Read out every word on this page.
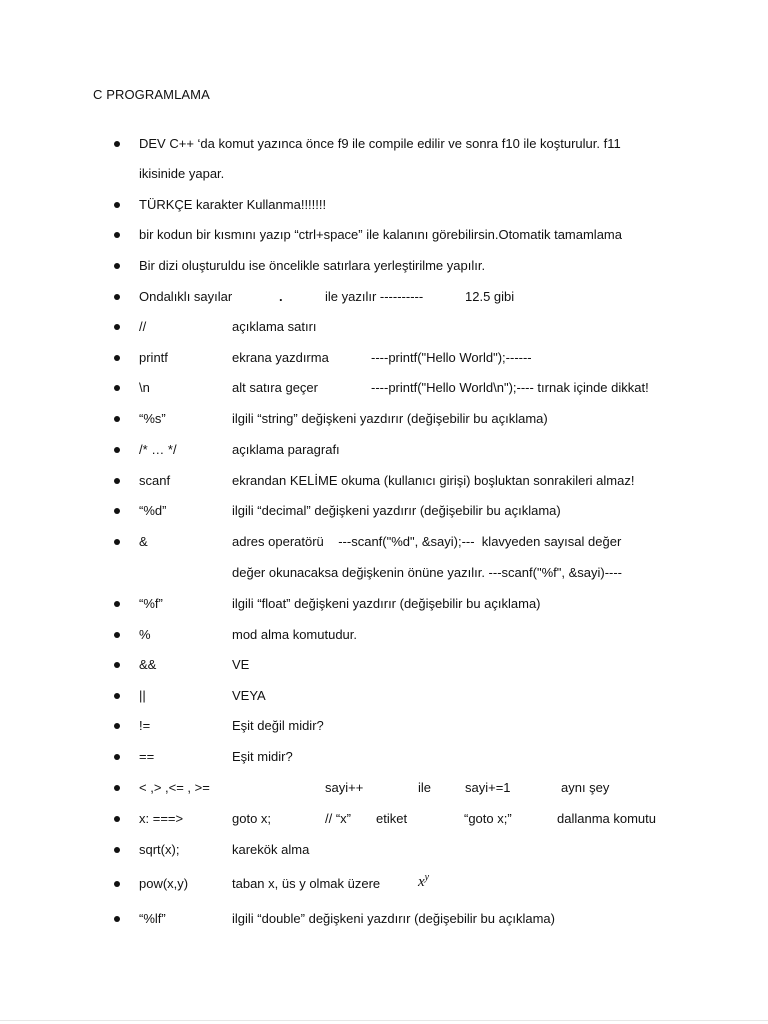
C PROGRAMLAMA
DEV C++ ‘da komut yazınca önce f9 ile compile edilir ve sonra f10 ile koşturulur. f11
ikisinide yapar.
TÜRKÇE karakter Kullanma!!!!!!!
bir kodun bir kısmını yazıp “ctrl+space” ile kalanını görebilirsin.Otomatik tamamlama
Bir dizi oluşturuldu ise öncelikle satırlara yerleştirilme yapılır.
Ondalıklı sayılar	.	ile yazılır ----------	12.5 gibi
//	açıklama satırı
printf	ekrana yazdırma	----printf("Hello World");------
\n	alt satıra geçer	----printf("Hello World\n");---- tırnak içinde dikkat!
“%s”	ilgili “string” değişkeni yazdırır (değişebilir bu açıklama)
/* … */	açıklama paragrafı
scanf	ekrandan KELİME okuma (kullanıcı girişi) boşluktan sonrakileri almaz!
“%d”	ilgili “decimal” değişkeni yazdırır (değişebilir bu açıklama)
&	adres operatörü    ---scanf("%d", &sayi);---  klavyeden sayısal değer
değer okunacaksa değişkenin önüne yazılır. ---scanf("%f", &sayi)----
“%f”	ilgili “float” değişkeni yazdırır (değişebilir bu açıklama)
%	mod alma komutudur.
&&	VE
||	VEYA
!=	Eşit değil midir?
==	Eşit midir?
< ,> ,<= , >=	sayi++	ile	sayi+=1	aynı şey
x: ===>	goto x;	// “x” etiket	“goto x;”	dallanma komutu
sqrt(x);	karekök alma
pow(x,y)	taban x, üs y olmak üzere	$x^y$
“%lf”	ilgili “double” değişkeni yazdırır (değişebilir bu açıklama)
